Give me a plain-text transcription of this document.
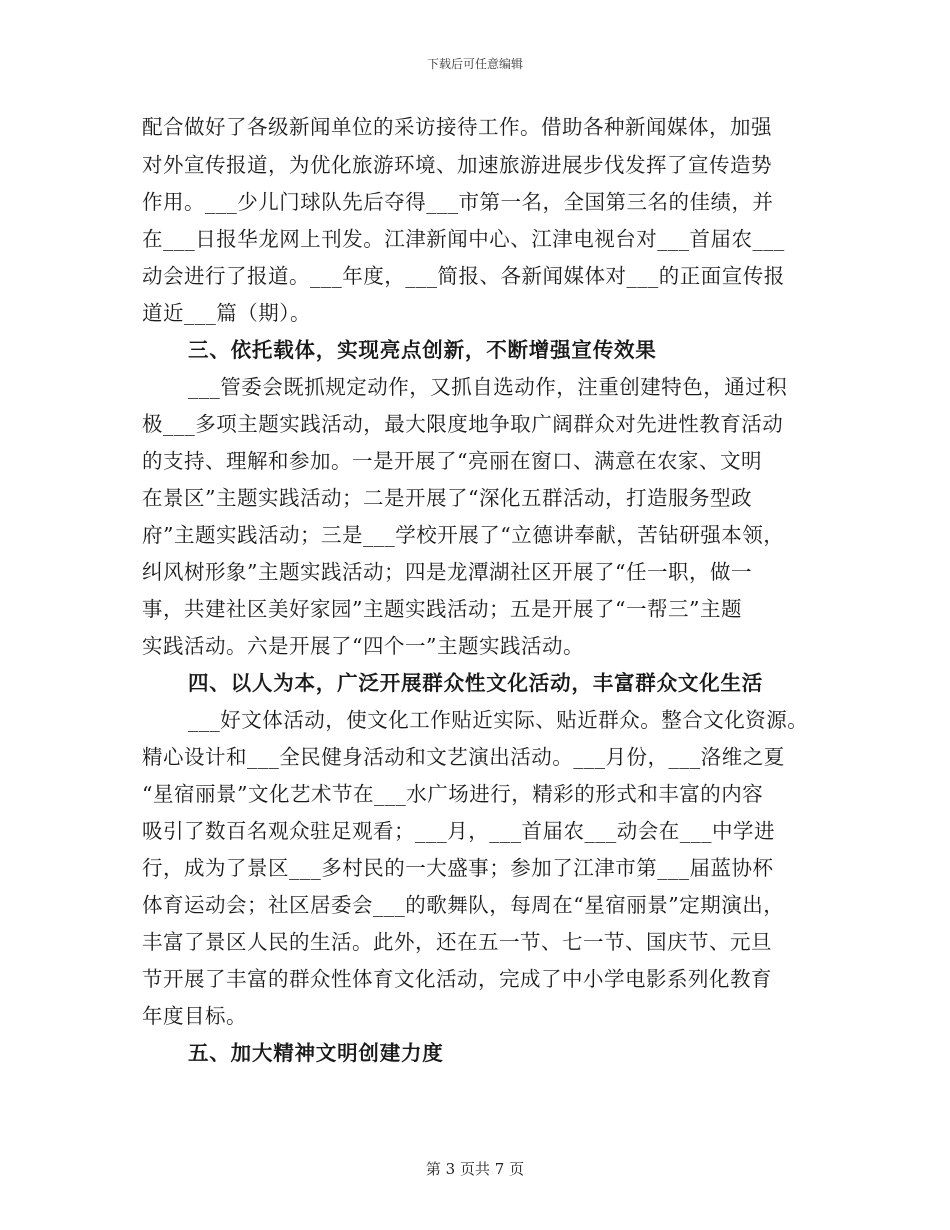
下载后可任意编辑

配合做好了各级新闻单位的采访接待工作。借助各种新闻媒体，加强

对外宣传报道，为优化旅游环境、加速旅游进展步伐发挥了宣传造势

作用。___少儿门球队先后夺得___市第一名，全国第三名的佳绩，并

在___日报华龙网上刊发。江津新闻中心、江津电视台对___首届农___

动会进行了报道。___年度，___简报、各新闻媒体对___的正面宣传报

道近___篇（期）。

三、依托载体，实现亮点创新，不断增强宣传效果

___管委会既抓规定动作，又抓自选动作，注重创建特色，通过积

极___多项主题实践活动，最大限度地争取广阔群众对先进性教育活动

的支持、理解和参加。一是开展了“亮丽在窗口、满意在农家、文明

在景区”主题实践活动；二是开展了“深化五群活动，打造服务型政

府”主题实践活动；三是___学校开展了“立德讲奉献，苦钻研强本领，

纠风树形象”主题实践活动；四是龙潭湖社区开展了“任一职，做一

事，共建社区美好家园”主题实践活动；五是开展了“一帮三”主题

实践活动。六是开展了“四个一”主题实践活动。

四、以人为本，广泛开展群众性文化活动，丰富群众文化生活

___好文体活动，使文化工作贴近实际、贴近群众。整合文化资源。

精心设计和___全民健身活动和文艺演出活动。___月份，___洛维之夏

“星宿丽景”文化艺术节在___水广场进行，精彩的形式和丰富的内容

吸引了数百名观众驻足观看；___月，___首届农___动会在___中学进

行，成为了景区___多村民的一大盛事；参加了江津市第___届蓝协杯

体育运动会；社区居委会___的歌舞队，每周在“星宿丽景”定期演出，

丰富了景区人民的生活。此外，还在五一节、七一节、国庆节、元旦

节开展了丰富的群众性体育文化活动，完成了中小学电影系列化教育

年度目标。

五、加大精神文明创建力度

第 3 页共 7 页
